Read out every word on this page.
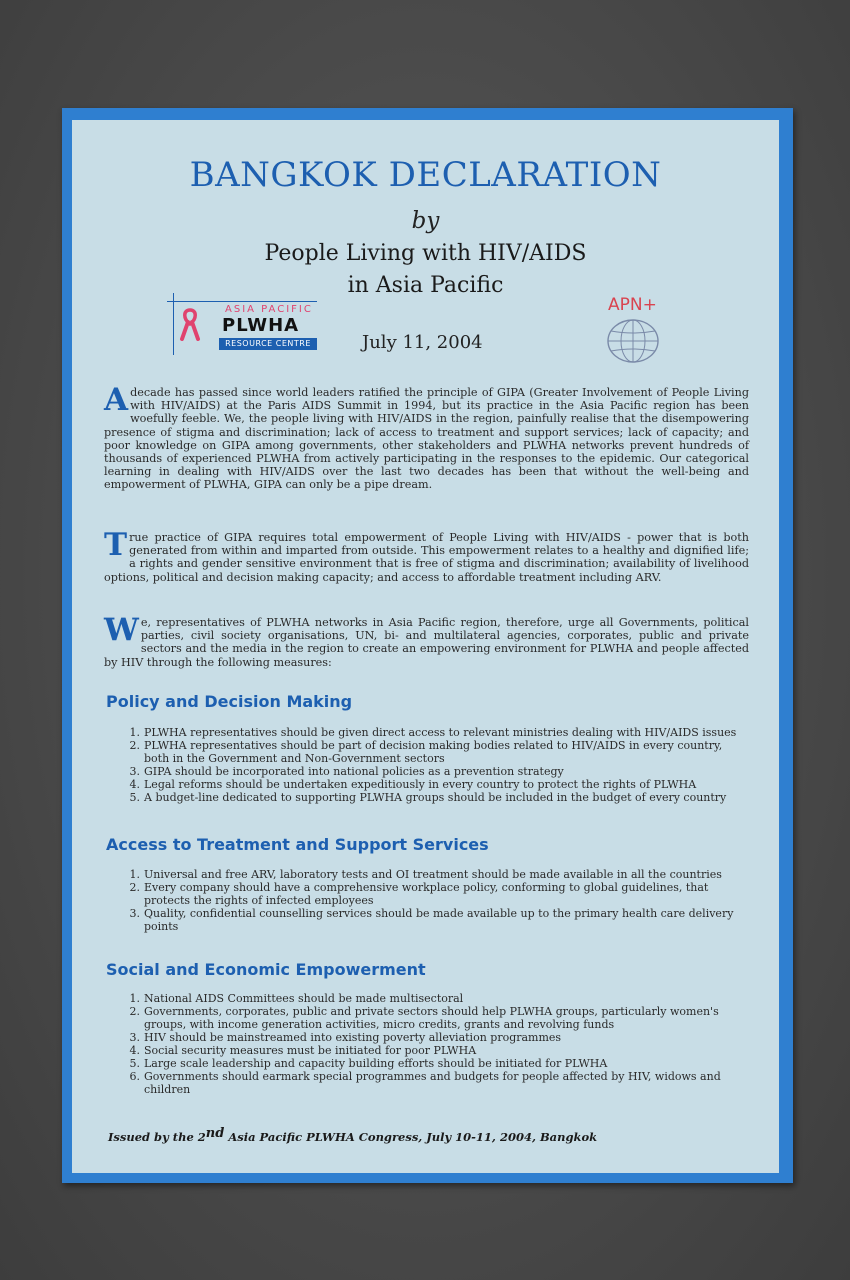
BANGKOK DECLARATION
by
People Living with HIV/AIDS
in Asia Pacific
ASIA PACIFIC
PLWHA
RESOURCE CENTRE	July 11, 2004
APN+

Adecade has passed since world leaders ratified the principle of GIPA (Greater Involvement of People Living with HIV/AIDS) at the Paris AIDS Summit in 1994, but its practice in the Asia Pacific region has been woefully feeble. We, the people living with HIV/AIDS in the region, painfully realise that the disempowering presence of stigma and discrimination; lack of access to treatment and support services; lack of capacity; and poor knowledge on GIPA among governments, other stakeholders and PLWHA networks prevent hundreds of thousands of experienced PLWHA from actively participating in the responses to the epidemic. Our categorical learning in dealing with HIV/AIDS over the last two decades has been that without the well-being and empowerment of PLWHA, GIPA can only be a pipe dream.

True practice of GIPA requires total empowerment of People Living with HIV/AIDS - power that is both generated from within and imparted from outside. This empowerment relates to a healthy and dignified life; a rights and gender sensitive environment that is free of stigma and discrimination; availability of livelihood options, political and decision making capacity; and access to affordable treatment including ARV.

We, representatives of PLWHA networks in Asia Pacific region, therefore, urge all Governments, political parties, civil society organisations, UN, bi- and multilateral agencies, corporates, public and private sectors and the media in the region to create an empowering environment for PLWHA and people affected by HIV through the following measures:

Policy and Decision Making
1. PLWHA representatives should be given direct access to relevant ministries dealing with HIV/AIDS issues
2. PLWHA representatives should be part of decision making bodies related to HIV/AIDS in every country, both in the Government and Non-Government sectors
3. GIPA should be incorporated into national policies as a prevention strategy
4. Legal reforms should be undertaken expeditiously in every country to protect the rights of PLWHA
5. A budget-line dedicated to supporting PLWHA groups should be included in the budget of every country
Access to Treatment and Support Services
1. Universal and free ARV, laboratory tests and OI treatment should be made available in all the countries
2. Every company should have a comprehensive workplace policy, conforming to global guidelines, that protects the rights of infected employees
3. Quality, confidential counselling services should be made available up to the primary health care delivery points
Social and Economic Empowerment
1. National AIDS Committees should be made multisectoral
2. Governments, corporates, public and private sectors should help PLWHA groups, particularly women's groups, with income generation activities, micro credits, grants and revolving funds
3. HIV should be mainstreamed into existing poverty alleviation programmes
4. Social security measures must be initiated for poor PLWHA
5. Large scale leadership and capacity building efforts should be initiated for PLWHA
6. Governments should earmark special programmes and budgets for people affected by HIV, widows and children
Issued by the 2nd Asia Pacific PLWHA Congress, July 10-11, 2004, Bangkok
